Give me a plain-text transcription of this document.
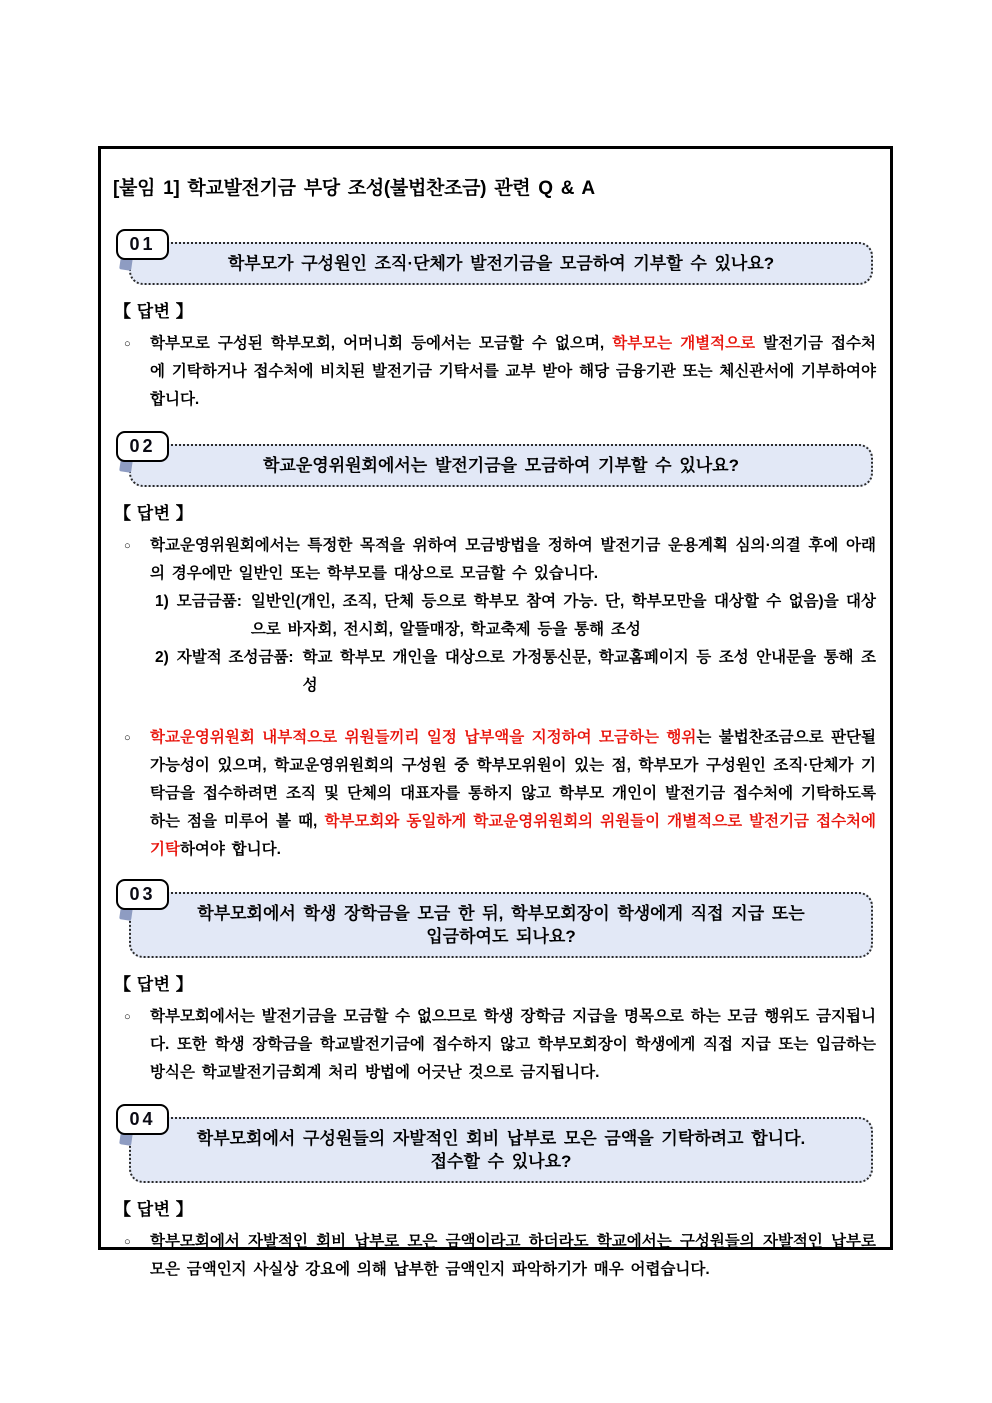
[붙임 1] 학교발전기금 부당 조성(불법찬조금) 관련 Q & A
01
학부모가 구성원인 조직·단체가 발전기금을 모금하여 기부할 수 있나요?
【 답변 】
○	학부모로 구성된 학부모회, 어머니회 등에서는 모금할 수 없으며, 학부모는 개별적으로 발전기금 접수처에 기탁하거나 접수처에 비치된 발전기금 기탁서를 교부 받아 해당 금융기관 또는 체신관서에 기부하여야 합니다.

02
학교운영위원회에서는 발전기금을 모금하여 기부할 수 있나요?
【 답변 】
○	학교운영위원회에서는 특정한 목적을 위하여 모금방법을 정하여 발전기금 운용계획 심의·의결 후에 아래의 경우에만 일반인 또는 학부모를 대상으로 모금할 수 있습니다.

1) 모금금품: 일반인(개인, 조직, 단체 등으로 학부모 참여 가능. 단, 학부모만을 대상할 수 없음)을 대상으로 바자회, 전시회, 알뜰매장, 학교축제 등을 통해 조성
2) 자발적 조성금품: 학교 학부모 개인을 대상으로 가정통신문, 학교홈페이지 등 조성 안내문을 통해 조성
○	학교운영위원회 내부적으로 위원들끼리 일정 납부액을 지정하여 모금하는 행위는 불법찬조금으로 판단될 가능성이 있으며, 학교운영위원회의 구성원 중 학부모위원이 있는 점, 학부모가 구성원인 조직·단체가 기탁금을 접수하려면 조직 및 단체의 대표자를 통하지 않고 학부모 개인이 발전기금 접수처에 기탁하도록 하는 점을 미루어 볼 때, 학부모회와 동일하게 학교운영위원회의 위원들이 개별적으로 발전기금 접수처에 기탁하여야 합니다.

03
학부모회에서 학생 장학금을 모금 한 뒤, 학부모회장이 학생에게 직접 지급 또는
입금하여도 되나요?
【 답변 】
○	학부모회에서는 발전기금을 모금할 수 없으므로 학생 장학금 지급을 명목으로 하는 모금 행위도 금지됩니다. 또한 학생 장학금을 학교발전기금에 접수하지 않고 학부모회장이 학생에게 직접 지급 또는 입금하는 방식은 학교발전기금회계 처리 방법에 어긋난 것으로 금지됩니다.

04
학부모회에서 구성원들의 자발적인 회비 납부로 모은 금액을 기탁하려고 합니다.
접수할 수 있나요?
【 답변 】
○	학부모회에서 자발적인 회비 납부로 모은 금액이라고 하더라도 학교에서는 구성원들의 자발적인 납부로 모은 금액인지 사실상 강요에 의해 납부한 금액인지 파악하기가 매우 어렵습니다.
